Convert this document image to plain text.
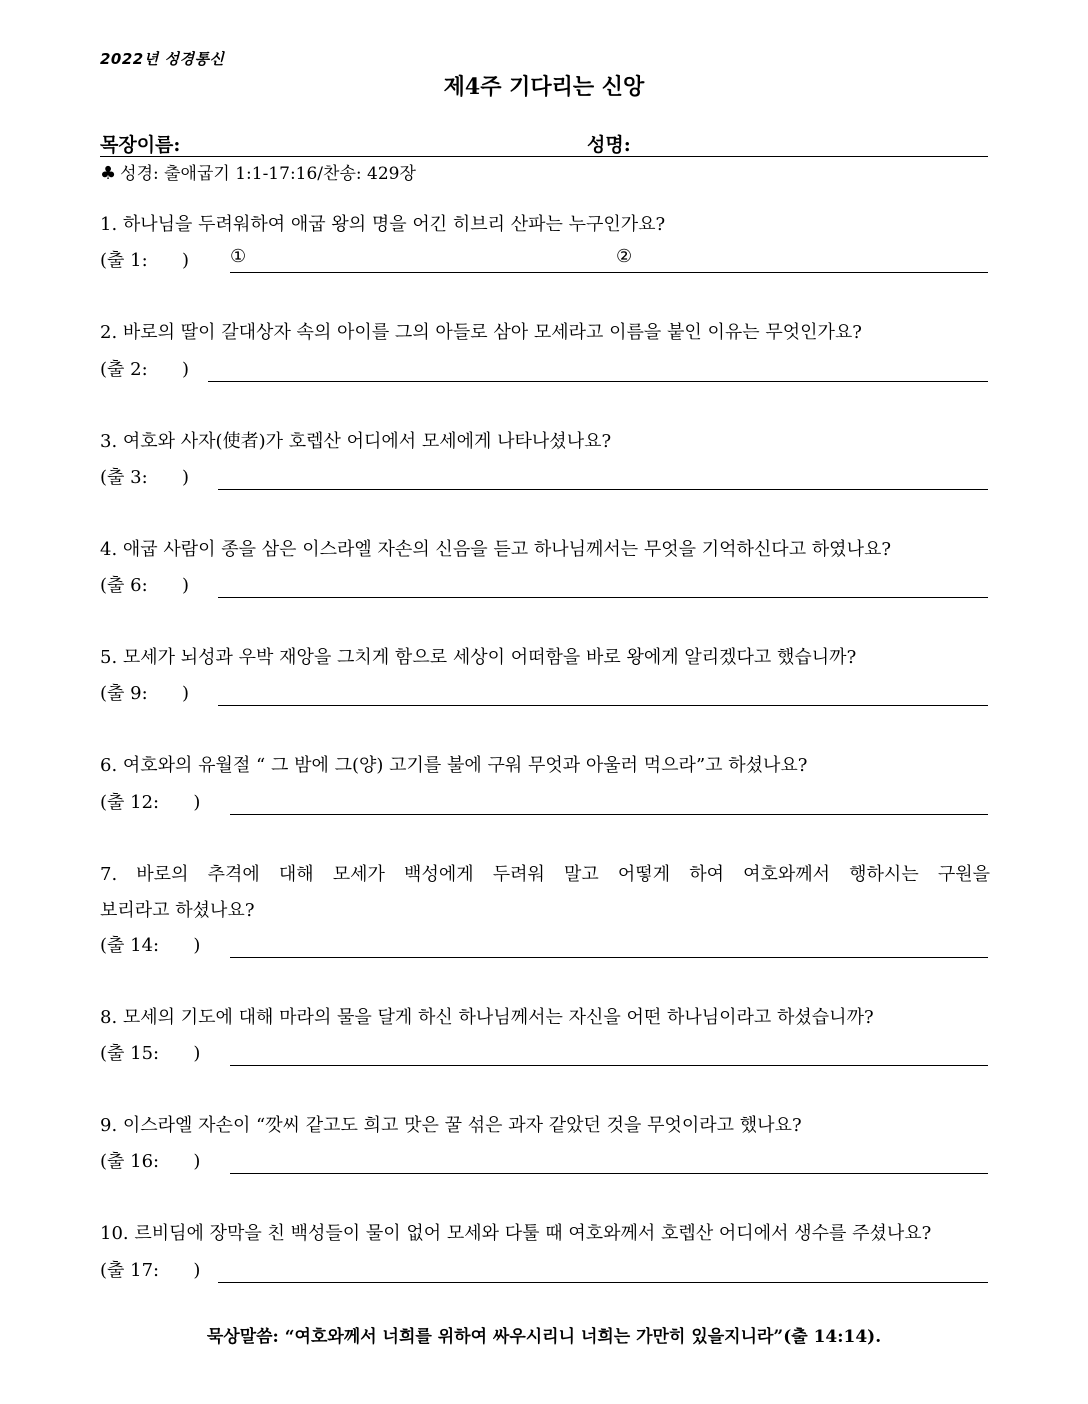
2022년 성경통신
제4주 기다리는 신앙
목장이름:	성명:
♣ 성경: 출애굽기 1:1-17:16/찬송: 429장
1. 하나님을 두려워하여 애굽 왕의 명을 어긴 히브리 산파는 누구인가요?
(출 1:      ) ①	②
2. 바로의 딸이 갈대상자 속의 아이를 그의 아들로 삼아 모세라고 이름을 붙인 이유는 무엇인가요?
(출 2:      )
3. 여호와 사자(使者)가 호렙산 어디에서 모세에게 나타나셨나요?
(출 3:      )
4. 애굽 사람이 종을 삼은 이스라엘 자손의 신음을 듣고 하나님께서는 무엇을 기억하신다고 하였나요?
(출 6:      )
5. 모세가 뇌성과 우박 재앙을 그치게 함으로 세상이 어떠함을 바로 왕에게 알리겠다고 했습니까?
(출 9:      )
6. 여호와의 유월절 “ 그 밤에 그(양) 고기를 불에 구워 무엇과 아울러 먹으라”고 하셨나요?
(출 12:      )
7. 바로의 추격에 대해 모세가 백성에게 두려워 말고 어떻게 하여 여호와께서 행하시는 구원을
보리라고 하셨나요?
(출 14:      )
8. 모세의 기도에 대해 마라의 물을 달게 하신 하나님께서는 자신을 어떤 하나님이라고 하셨습니까?
(출 15:      )
9. 이스라엘 자손이 “깟씨 같고도 희고 맛은 꿀 섞은 과자 같았던 것을 무엇이라고 했나요?
(출 16:      )
10. 르비딤에 장막을 친 백성들이 물이 없어 모세와 다툴 때 여호와께서 호렙산 어디에서 생수를 주셨나요?
(출 17:      )
묵상말씀: “여호와께서 너희를 위하여 싸우시리니 너희는 가만히 있을지니라”(출 14:14).
